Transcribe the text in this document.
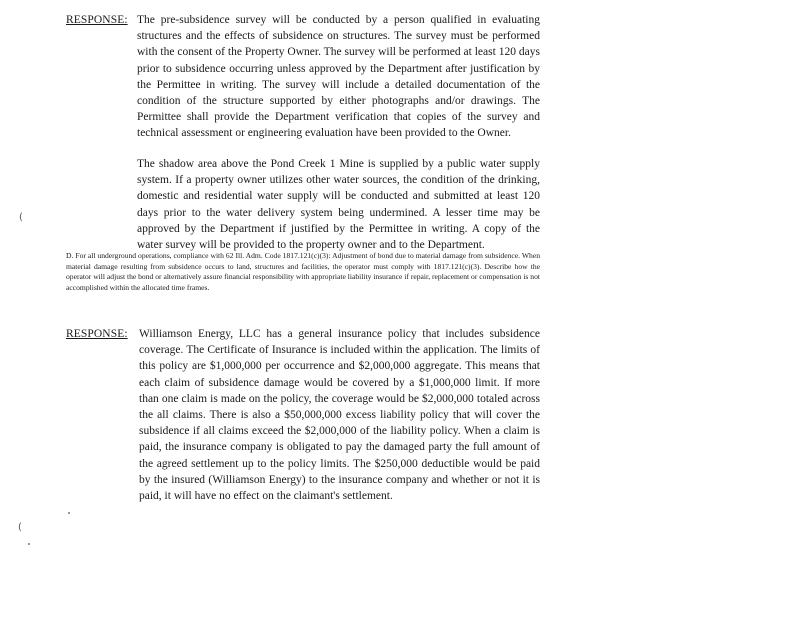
RESPONSE: The pre-subsidence survey will be conducted by a person qualified in evaluating structures and the effects of subsidence on structures. The survey must be performed with the consent of the Property Owner. The survey will be performed at least 120 days prior to subsidence occurring unless approved by the Department after justification by the Permittee in writing. The survey will include a detailed documentation of the condition of the structure supported by either photographs and/or drawings. The Permittee shall provide the Department verification that copies of the survey and technical assessment or engineering evaluation have been provided to the Owner.

The shadow area above the Pond Creek 1 Mine is supplied by a public water supply system. If a property owner utilizes other water sources, the condition of the drinking, domestic and residential water supply will be conducted and submitted at least 120 days prior to the water delivery system being undermined. A lesser time may be approved by the Department if justified by the Permittee in writing. A copy of the water survey will be provided to the property owner and to the Department.

D. For all underground operations, compliance with 62 Ill. Adm. Code 1817.121(c)(3): Adjustment of bond due to material damage from subsidence. When material damage resulting from subsidence occurs to land, structures and facilities, the operator must comply with 1817.121(c)(3). Describe how the operator will adjust the bond or alternatively assure financial responsibility with appropriate liability insurance if repair, replacement or compensation is not accomplished within the allocated time frames.

RESPONSE: Williamson Energy, LLC has a general insurance policy that includes subsidence coverage. The Certificate of Insurance is included within the application. The limits of this policy are $1,000,000 per occurrence and $2,000,000 aggregate. This means that each claim of subsidence damage would be covered by a $1,000,000 limit. If more than one claim is made on the policy, the coverage would be $2,000,000 totaled across the all claims. There is also a $50,000,000 excess liability policy that will cover the subsidence if all claims exceed the $2,000,000 of the liability policy. When a claim is paid, the insurance company is obligated to pay the damaged party the full amount of the agreed settlement up to the policy limits. The $250,000 deductible would be paid by the insured (Williamson Energy) to the insurance company and whether or not it is paid, it will have no effect on the claimant's settlement.

(
(
